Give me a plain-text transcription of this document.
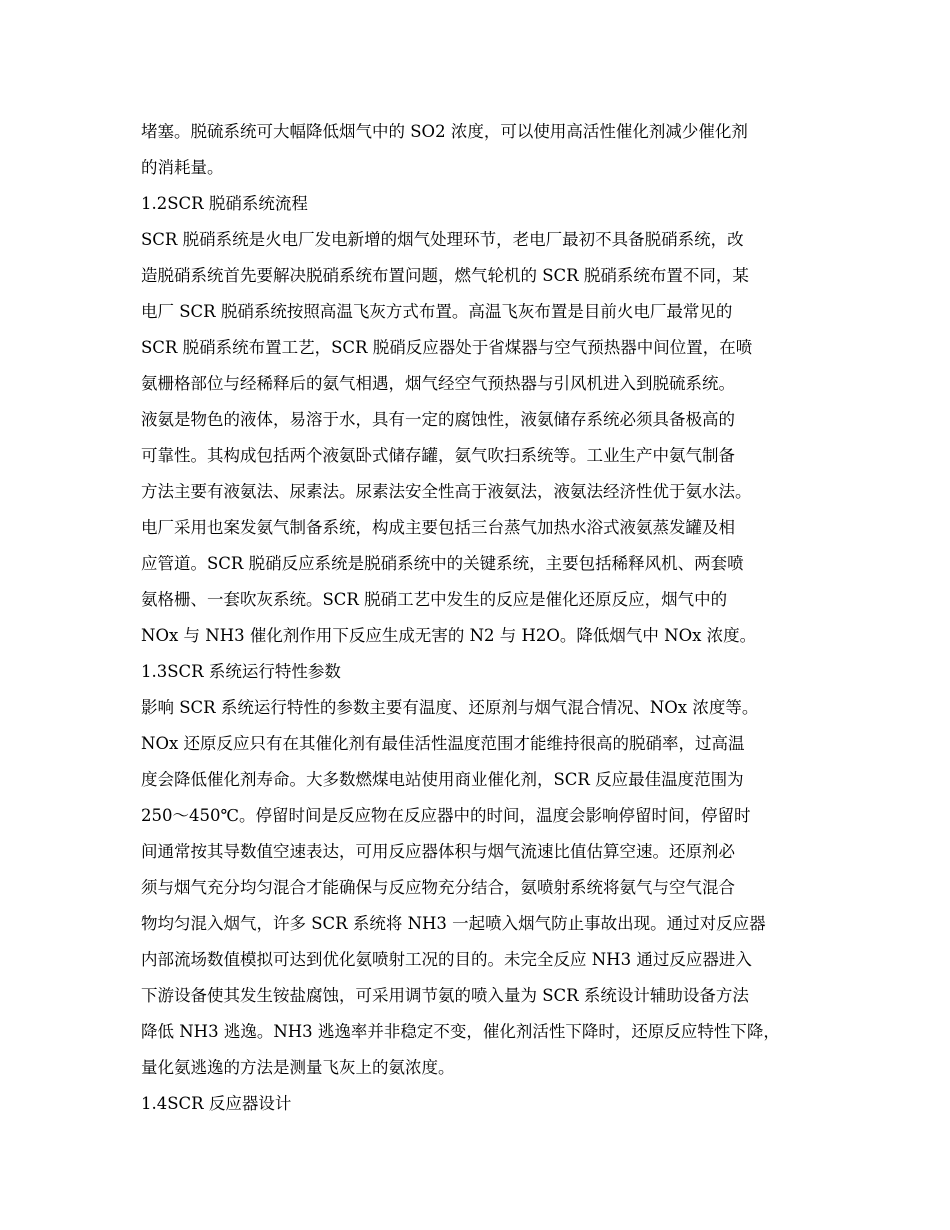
堵塞。脱硫系统可大幅降低烟气中的 SO2 浓度，可以使用高活性催化剂减少催化剂
的消耗量。
1.2SCR 脱硝系统流程
SCR 脱硝系统是火电厂发电新增的烟气处理环节，老电厂最初不具备脱硝系统，改
造脱硝系统首先要解决脱硝系统布置问题，燃气轮机的 SCR 脱硝系统布置不同，某
电厂 SCR 脱硝系统按照高温飞灰方式布置。高温飞灰布置是目前火电厂最常见的
SCR 脱硝系统布置工艺，SCR 脱硝反应器处于省煤器与空气预热器中间位置，在喷
氨栅格部位与经稀释后的氨气相遇，烟气经空气预热器与引风机进入到脱硫系统。
液氨是物色的液体，易溶于水，具有一定的腐蚀性，液氨储存系统必须具备极高的
可靠性。其构成包括两个液氨卧式储存罐，氨气吹扫系统等。工业生产中氨气制备
方法主要有液氨法、尿素法。尿素法安全性高于液氨法，液氨法经济性优于氨水法。
电厂采用也案发氨气制备系统，构成主要包括三台蒸气加热水浴式液氨蒸发罐及相
应管道。SCR 脱硝反应系统是脱硝系统中的关键系统，主要包括稀释风机、两套喷
氨格栅、一套吹灰系统。SCR 脱硝工艺中发生的反应是催化还原反应，烟气中的
NOx 与 NH3 催化剂作用下反应生成无害的 N2 与 H2O。降低烟气中 NOx 浓度。
1.3SCR 系统运行特性参数
影响 SCR 系统运行特性的参数主要有温度、还原剂与烟气混合情况、NOx 浓度等。
NOx 还原反应只有在其催化剂有最佳活性温度范围才能维持很高的脱硝率，过高温
度会降低催化剂寿命。大多数燃煤电站使用商业催化剂，SCR 反应最佳温度范围为
250～450℃。停留时间是反应物在反应器中的时间，温度会影响停留时间，停留时
间通常按其导数值空速表达，可用反应器体积与烟气流速比值估算空速。还原剂必
须与烟气充分均匀混合才能确保与反应物充分结合，氨喷射系统将氨气与空气混合
物均匀混入烟气，许多 SCR 系统将 NH3 一起喷入烟气防止事故出现。通过对反应器
内部流场数值模拟可达到优化氨喷射工况的目的。未完全反应 NH3 通过反应器进入
下游设备使其发生铵盐腐蚀，可采用调节氨的喷入量为 SCR 系统设计辅助设备方法
降低 NH3 逃逸。NH3 逃逸率并非稳定不变，催化剂活性下降时，还原反应特性下降，
量化氨逃逸的方法是测量飞灰上的氨浓度。
1.4SCR 反应器设计
